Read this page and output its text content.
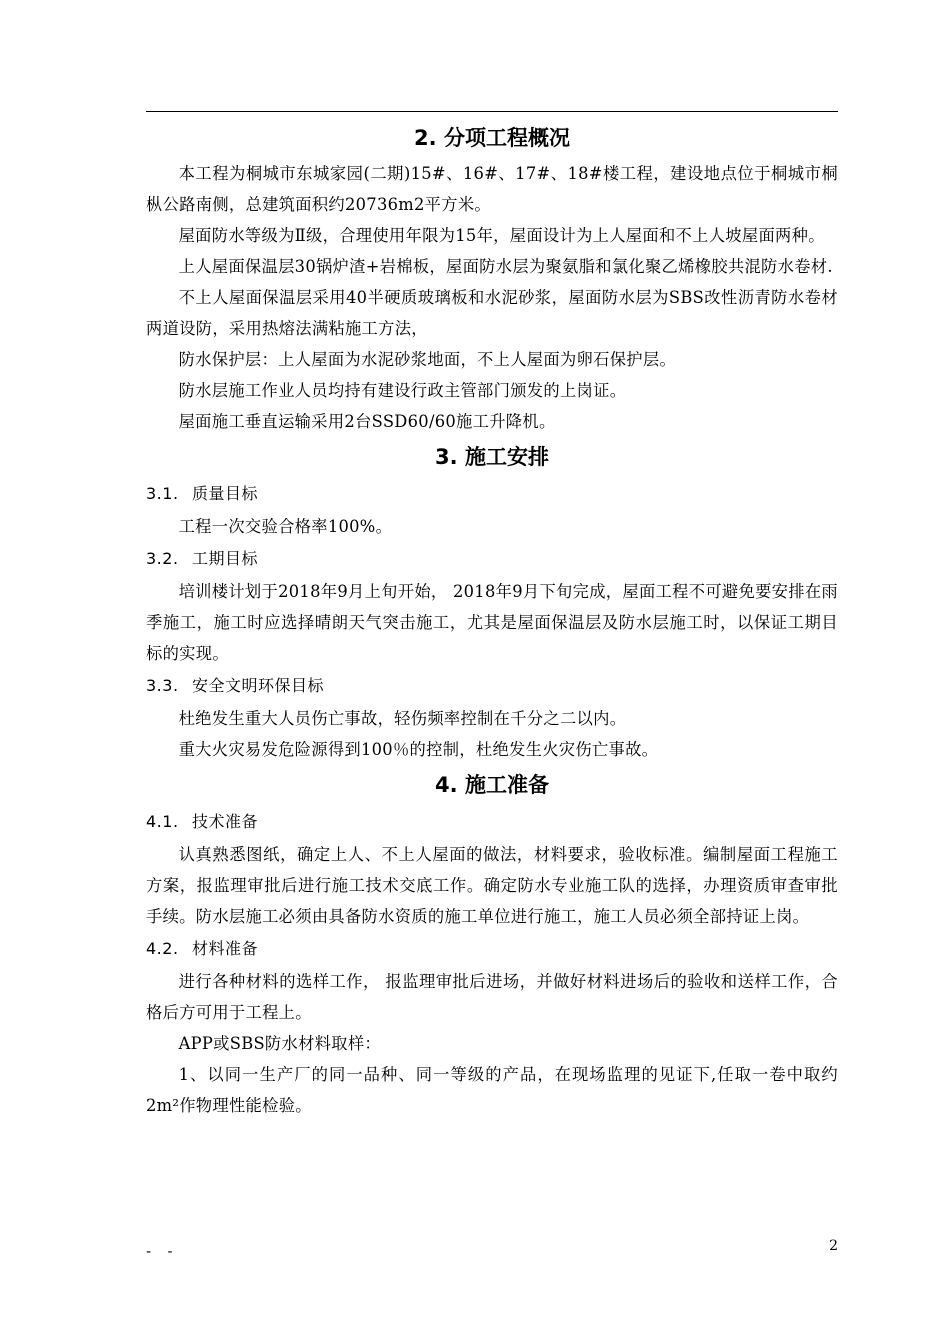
2. 分项工程概况

本工程为桐城市东城家园(二期)15#、16#、17#、18#楼工程，建设地点位于桐城市桐枞公路南侧，总建筑面积约20736m2平方米。

屋面防水等级为Ⅱ级，合理使用年限为15年，屋面设计为上人屋面和不上人坡屋面两种。

上人屋面保温层30锅炉渣+岩棉板，屋面防水层为聚氨脂和氯化聚乙烯橡胶共混防水卷材.

不上人屋面保温层采用40半硬质玻璃板和水泥砂浆，屋面防水层为SBS改性沥青防水卷材两道设防，采用热熔法满粘施工方法，

防水保护层：上人屋面为水泥砂浆地面，不上人屋面为卵石保护层。

防水层施工作业人员均持有建设行政主管部门颁发的上岗证。

屋面施工垂直运输采用2台SSD60/60施工升降机。

3. 施工安排
3.1. 质量目标

工程一次交验合格率100%。

3.2. 工期目标

培训楼计划于2018年9月上旬开始， 2018年9月下旬完成，屋面工程不可避免要安排在雨季施工，施工时应选择晴朗天气突击施工，尤其是屋面保温层及防水层施工时，以保证工期目标的实现。

3.3. 安全文明环保目标

杜绝发生重大人员伤亡事故，轻伤频率控制在千分之二以内。

重大火灾易发危险源得到100％的控制，杜绝发生火灾伤亡事故。

4. 施工准备
4.1. 技术准备

认真熟悉图纸，确定上人、不上人屋面的做法，材料要求，验收标准。编制屋面工程施工方案，报监理审批后进行施工技术交底工作。确定防水专业施工队的选择，办理资质审查审批手续。防水层施工必须由具备防水资质的施工单位进行施工，施工人员必须全部持证上岗。

4.2. 材料准备

进行各种材料的选样工作， 报监理审批后进场，并做好材料进场后的验收和送样工作，合格后方可用于工程上。

APP或SBS防水材料取样：

1、以同一生产厂的同一品种、同一等级的产品，在现场监理的见证下,任取一卷中取约2m²作物理性能检验。

- -	2
